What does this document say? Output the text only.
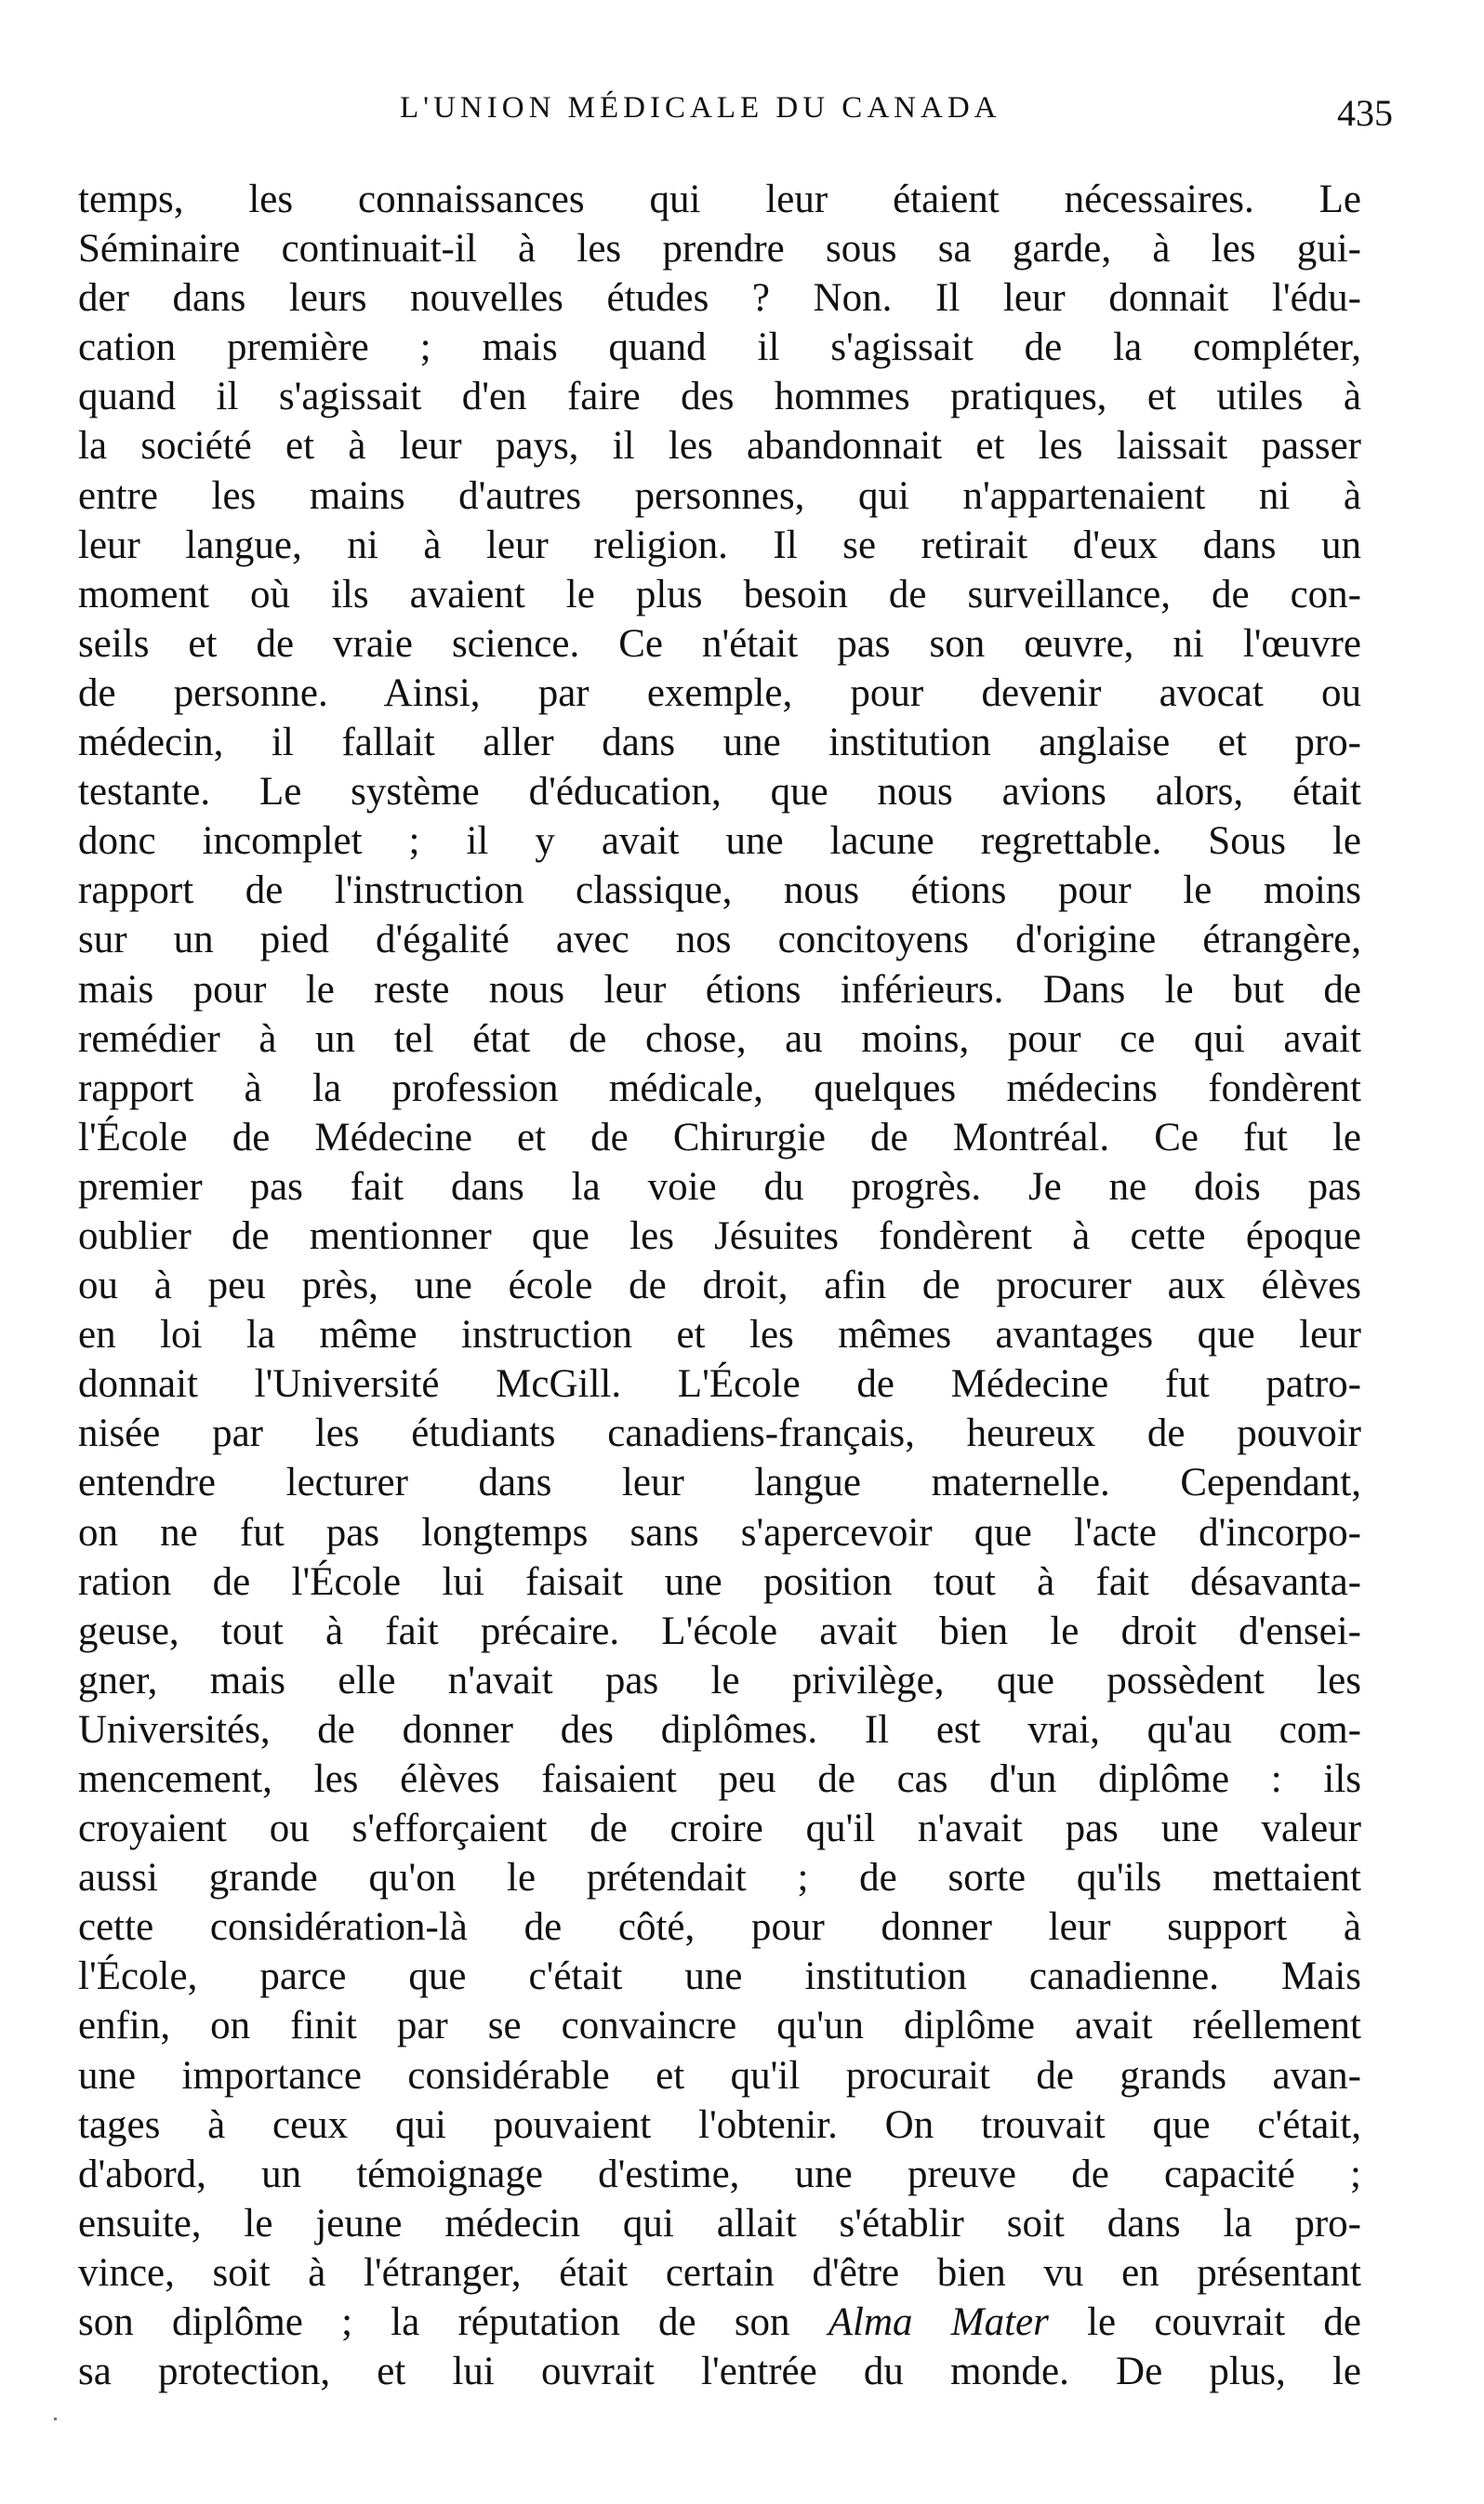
L'UNION MÉDICALE DU CANADA	435
temps, les connaissances qui leur étaient nécessaires. Le
Séminaire continuait-il à les prendre sous sa garde, à les gui-
der dans leurs nouvelles études ? Non. Il leur donnait l'édu-
cation première ; mais quand il s'agissait de la compléter,
quand il s'agissait d'en faire des hommes pratiques, et utiles à
la société et à leur pays, il les abandonnait et les laissait passer
entre les mains d'autres personnes, qui n'appartenaient ni à
leur langue, ni à leur religion. Il se retirait d'eux dans un
moment où ils avaient le plus besoin de surveillance, de con-
seils et de vraie science. Ce n'était pas son œuvre, ni l'œuvre
de personne. Ainsi, par exemple, pour devenir avocat ou
médecin, il fallait aller dans une institution anglaise et pro-
testante. Le système d'éducation, que nous avions alors, était
donc incomplet ; il y avait une lacune regrettable. Sous le
rapport de l'instruction classique, nous étions pour le moins
sur un pied d'égalité avec nos concitoyens d'origine étrangère,
mais pour le reste nous leur étions inférieurs. Dans le but de
remédier à un tel état de chose, au moins, pour ce qui avait
rapport à la profession médicale, quelques médecins fondèrent
l'École de Médecine et de Chirurgie de Montréal. Ce fut le
premier pas fait dans la voie du progrès. Je ne dois pas
oublier de mentionner que les Jésuites fondèrent à cette époque
ou à peu près, une école de droit, afin de procurer aux élèves
en loi la même instruction et les mêmes avantages que leur
donnait l'Université McGill. L'École de Médecine fut patro-
nisée par les étudiants canadiens-français, heureux de pouvoir
entendre lecturer dans leur langue maternelle. Cependant,
on ne fut pas longtemps sans s'apercevoir que l'acte d'incorpo-
ration de l'École lui faisait une position tout à fait désavanta-
geuse, tout à fait précaire. L'école avait bien le droit d'ensei-
gner, mais elle n'avait pas le privilège, que possèdent les
Universités, de donner des diplômes. Il est vrai, qu'au com-
mencement, les élèves faisaient peu de cas d'un diplôme : ils
croyaient ou s'efforçaient de croire qu'il n'avait pas une valeur
aussi grande qu'on le prétendait ; de sorte qu'ils mettaient
cette considération-là de côté, pour donner leur support à
l'École, parce que c'était une institution canadienne. Mais
enfin, on finit par se convaincre qu'un diplôme avait réellement
une importance considérable et qu'il procurait de grands avan-
tages à ceux qui pouvaient l'obtenir. On trouvait que c'était,
d'abord, un témoignage d'estime, une preuve de capacité ;
ensuite, le jeune médecin qui allait s'établir soit dans la pro-
vince, soit à l'étranger, était certain d'être bien vu en présentant
son diplôme ; la réputation de son Alma Mater le couvrait de
sa protection, et lui ouvrait l'entrée du monde. De plus, le
